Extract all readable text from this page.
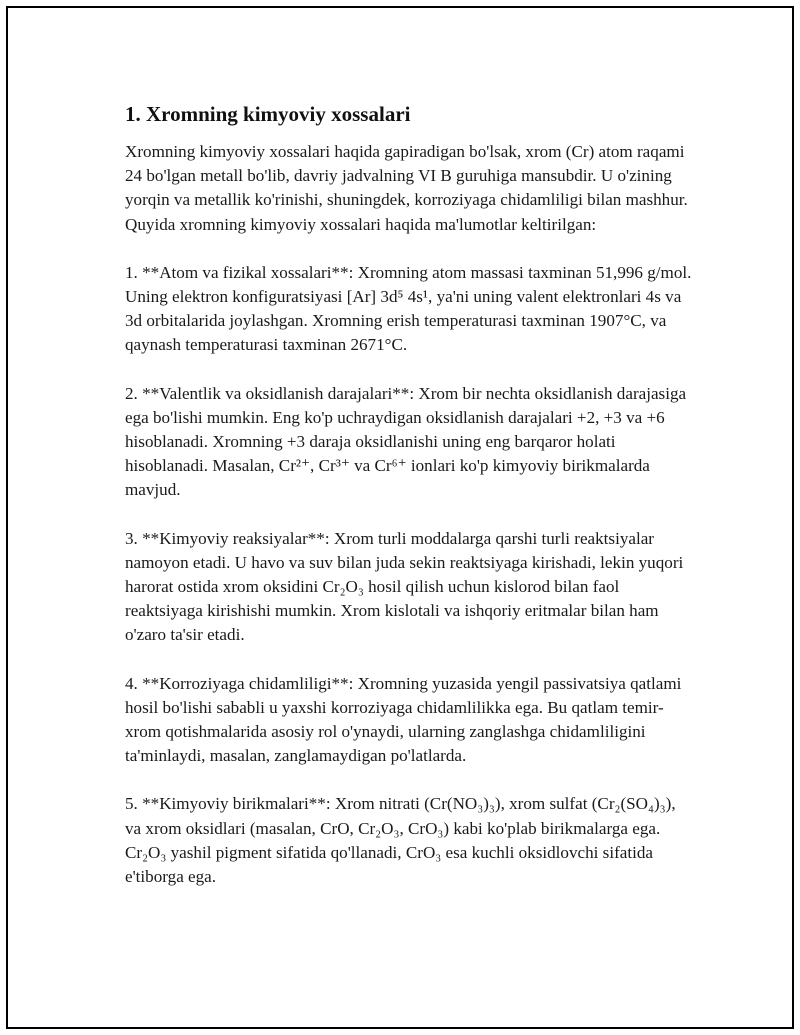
1. Xromning kimyoviy xossalari

Xromning kimyoviy xossalari haqida gapiradigan bo'lsak, xrom (Cr) atom raqami 24 bo'lgan metall bo'lib, davriy jadvalning VI B guruhiga mansubdir. U o'zining yorqin va metallik ko'rinishi, shuningdek, korroziyaga chidamliligi bilan mashhur. Quyida xromning kimyoviy xossalari haqida ma'lumotlar keltirilgan:

1. **Atom va fizikal xossalari**: Xromning atom massasi taxminan 51,996 g/mol. Uning elektron konfiguratsiyasi [Ar] 3d⁵ 4s¹, ya'ni uning valent elektronlari 4s va 3d orbitalarida joylashgan. Xromning erish temperaturasi taxminan 1907°C, va qaynash temperaturasi taxminan 2671°C.

2. **Valentlik va oksidlanish darajalari**: Xrom bir nechta oksidlanish darajasiga ega bo'lishi mumkin. Eng ko'p uchraydigan oksidlanish darajalari +2, +3 va +6 hisoblanadi. Xromning +3 daraja oksidlanishi uning eng barqaror holati hisoblanadi. Masalan, Cr²⁺, Cr³⁺ va Cr⁶⁺ ionlari ko'p kimyoviy birikmalarda mavjud.

3. **Kimyoviy reaksiyalar**: Xrom turli moddalarga qarshi turli reaktsiyalar namoyon etadi. U havo va suv bilan juda sekin reaktsiyaga kirishadi, lekin yuqori harorat ostida xrom oksidini Cr₂O₃ hosil qilish uchun kislorod bilan faol reaktsiyaga kirishishi mumkin. Xrom kislotali va ishqoriy eritmalar bilan ham o'zaro ta'sir etadi.

4. **Korroziyaga chidamliligi**: Xromning yuzasida yengil passivatsiya qatlami hosil bo'lishi sababli u yaxshi korroziyaga chidamlilikka ega. Bu qatlam temir-xrom qotishmalarida asosiy rol o'ynaydi, ularning zanglashga chidamliligini ta'minlaydi, masalan, zanglamaydigan po'latlarda.

5. **Kimyoviy birikmalari**: Xrom nitrati (Cr(NO₃)₃), xrom sulfat (Cr₂(SO₄)₃), va xrom oksidlari (masalan, CrO, Cr₂O₃, CrO₃) kabi ko'plab birikmalarga ega. Cr₂O₃ yashil pigment sifatida qo'llanadi, CrO₃ esa kuchli oksidlovchi sifatida e'tiborga ega.
